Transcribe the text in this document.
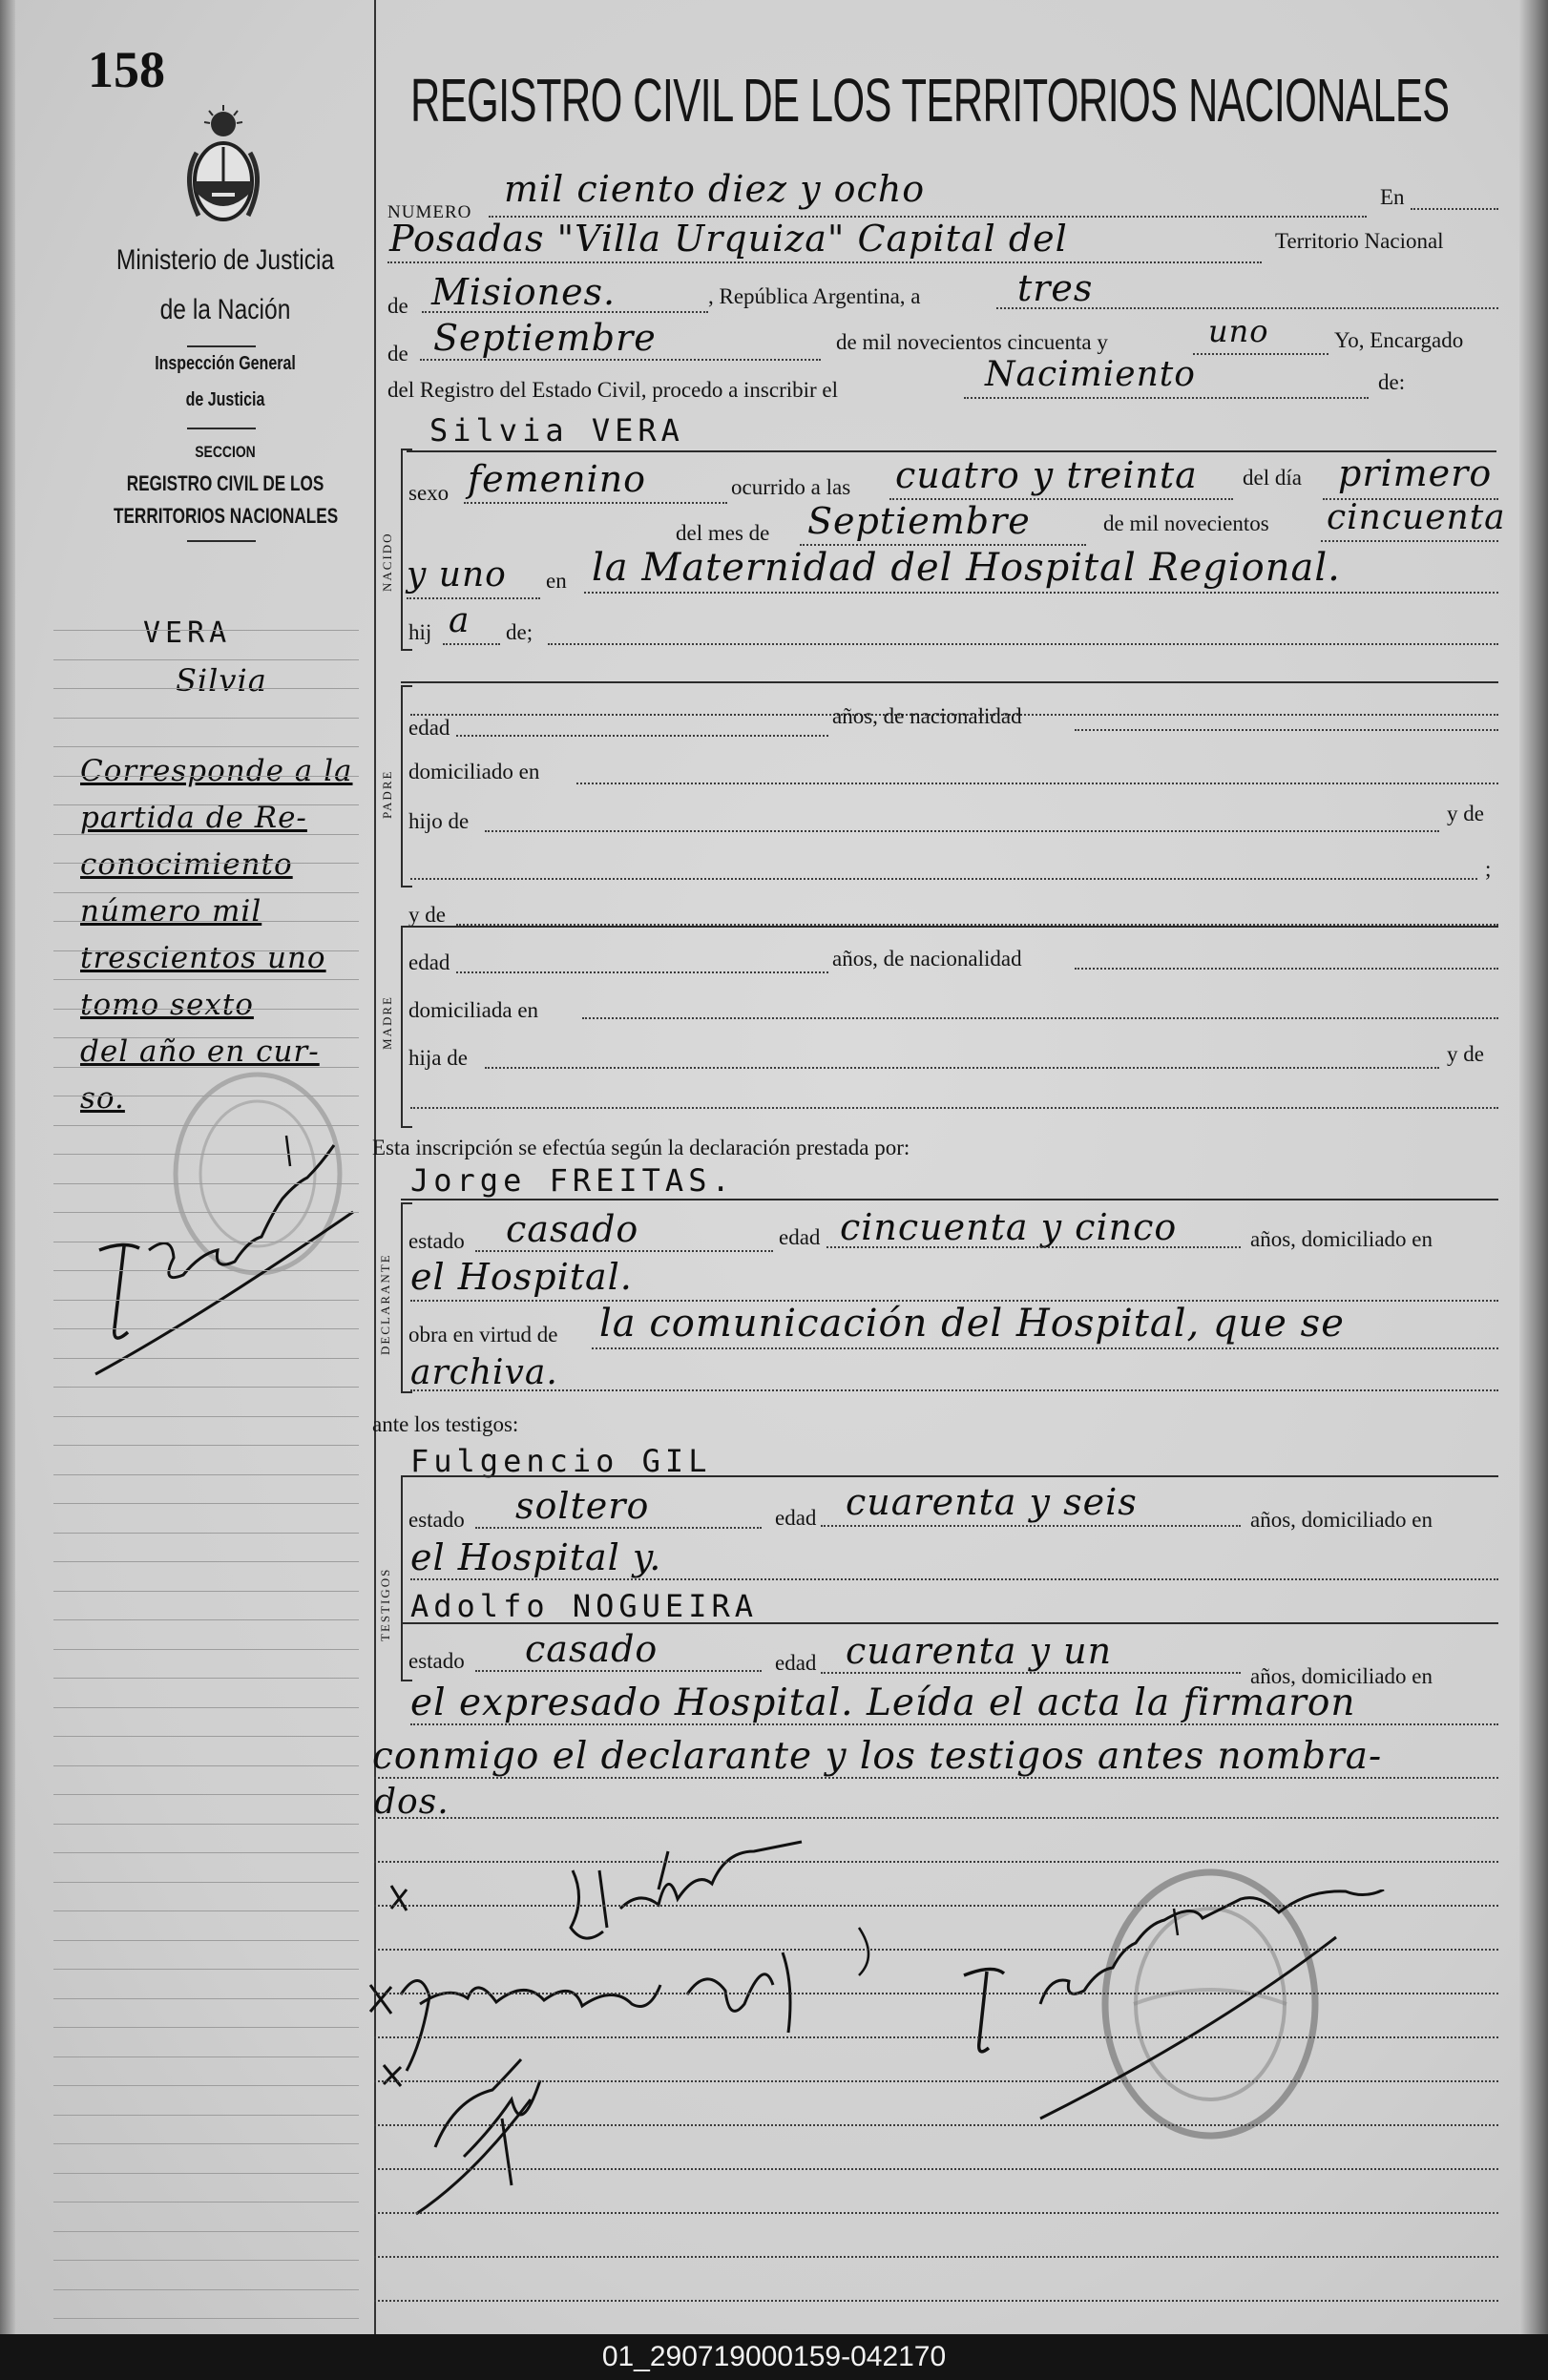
158
Ministerio de Justicia
de la Nación
Inspección General
de Justicia
SECCION
REGISTRO CIVIL DE LOS
TERRITORIOS NACIONALES
VERA
Silvia
Corresponde a la
partida de Re-
conocimiento
número mil
trescientos uno
tomo sexto
del año en cur-
so.
REGISTRO CIVIL DE LOS TERRITORIOS NACIONALES
NUMERO
mil ciento diez y ocho	En
Posadas "Villa Urquiza" Capital del	Territorio Nacional
de Misiones.	, República Argentina, a	tres
de Septiembre	de mil novecientos cincuenta y	uno	Yo, Encargado
del Registro del Estado Civil, procedo a inscribir el	Nacimiento	de:
Silvia VERA
NACIDO
sexo femenino	ocurrido a las cuatro y treinta del día primero
del mes de Septiembre	de mil novecientos cincuenta
y uno en la Maternidad del Hospital Regional.
hij a de;
PADRE
edad	años, de nacionalidad
domiciliado en
hijo de	y de
;
y de
MADRE
edad	años, de nacionalidad
domiciliada en
hija de	y de
Esta inscripción se efectúa según la declaración prestada por:
Jorge FREITAS.
DECLARANTE
estado casado	edad cincuenta y cinco	años, domiciliado en
el Hospital.
obra en virtud de la comunicación del Hospital, que se
archiva.
ante los testigos:
Fulgencio GIL
TESTIGOS
estado soltero	edad cuarenta y seis	años, domiciliado en
el Hospital y.
Adolfo NOGUEIRA
estado casado	edad cuarenta y un
años, domiciliado en
el expresado Hospital. Leída el acta la firmaron
conmigo el declarante y los testigos antes nombra-
dos.
01_290719000159-042170
